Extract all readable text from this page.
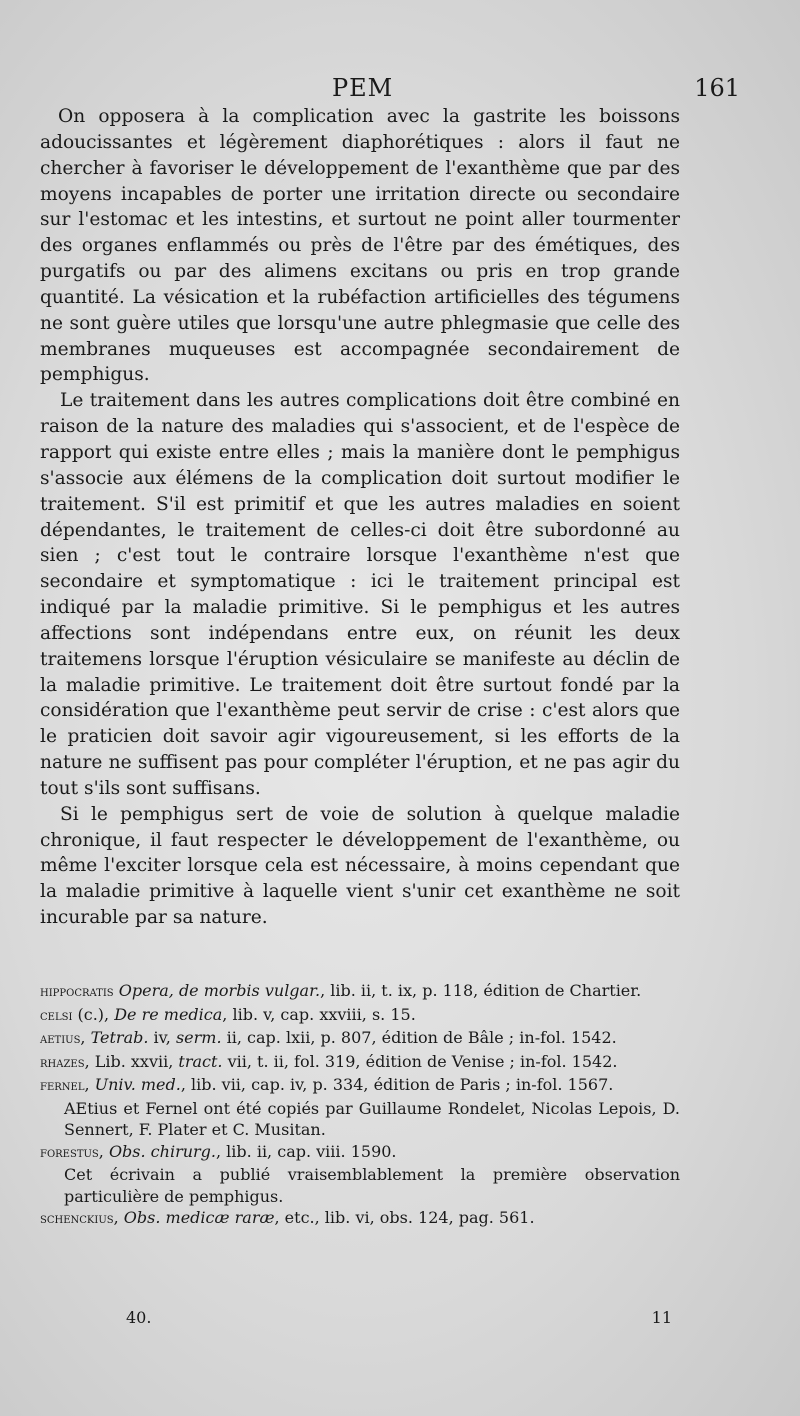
PEM	161

On opposera à la complication avec la gastrite les boissons adoucissantes et légèrement diaphorétiques : alors il faut ne chercher à favoriser le développement de l'exanthème que par des moyens incapables de porter une irritation directe ou secondaire sur l'estomac et les intestins, et surtout ne point aller tourmenter des organes enflammés ou près de l'être par des émétiques, des purgatifs ou par des alimens excitans ou pris en trop grande quantité. La vésication et la rubéfaction artificielles des tégumens ne sont guère utiles que lorsqu'une autre phlegmasie que celle des membranes muqueuses est accompagnée secondairement de pemphigus.

Le traitement dans les autres complications doit être combiné en raison de la nature des maladies qui s'associent, et de l'espèce de rapport qui existe entre elles ; mais la manière dont le pemphigus s'associe aux élémens de la complication doit surtout modifier le traitement. S'il est primitif et que les autres maladies en soient dépendantes, le traitement de celles-ci doit être subordonné au sien ; c'est tout le contraire lorsque l'exanthème n'est que secondaire et symptomatique : ici le traitement principal est indiqué par la maladie primitive. Si le pemphigus et les autres affections sont indépendans entre eux, on réunit les deux traitemens lorsque l'éruption vésiculaire se manifeste au déclin de la maladie primitive. Le traitement doit être surtout fondé par la considération que l'exanthème peut servir de crise : c'est alors que le praticien doit savoir agir vigoureusement, si les efforts de la nature ne suffisent pas pour compléter l'éruption, et ne pas agir du tout s'ils sont suffisans.

Si le pemphigus sert de voie de solution à quelque maladie chronique, il faut respecter le développement de l'exanthème, ou même l'exciter lorsque cela est nécessaire, à moins cependant que la maladie primitive à laquelle vient s'unir cet exanthème ne soit incurable par sa nature.

hippocratis Opera, de morbis vulgar., lib. ii, t. ix, p. 118, édition de Chartier.

celsi (c.), De re medica, lib. v, cap. xxviii, s. 15.

aetius, Tetrab. iv, serm. ii, cap. lxii, p. 807, édition de Bâle ; in-fol. 1542.

rhazes, Lib. xxvii, tract. vii, t. ii, fol. 319, édition de Venise ; in-fol. 1542.

fernel, Univ. med., lib. vii, cap. iv, p. 334, édition de Paris ; in-fol. 1567.

AEtius et Fernel ont été copiés par Guillaume Rondelet, Nicolas Lepois, D. Sennert, F. Plater et C. Musitan.

forestus, Obs. chirurg., lib. ii, cap. viii. 1590.

Cet écrivain a publié vraisemblablement la première observation particulière de pemphigus.

schenckius, Obs. medicæ raræ, etc., lib. vi, obs. 124, pag. 561.

40.	11
